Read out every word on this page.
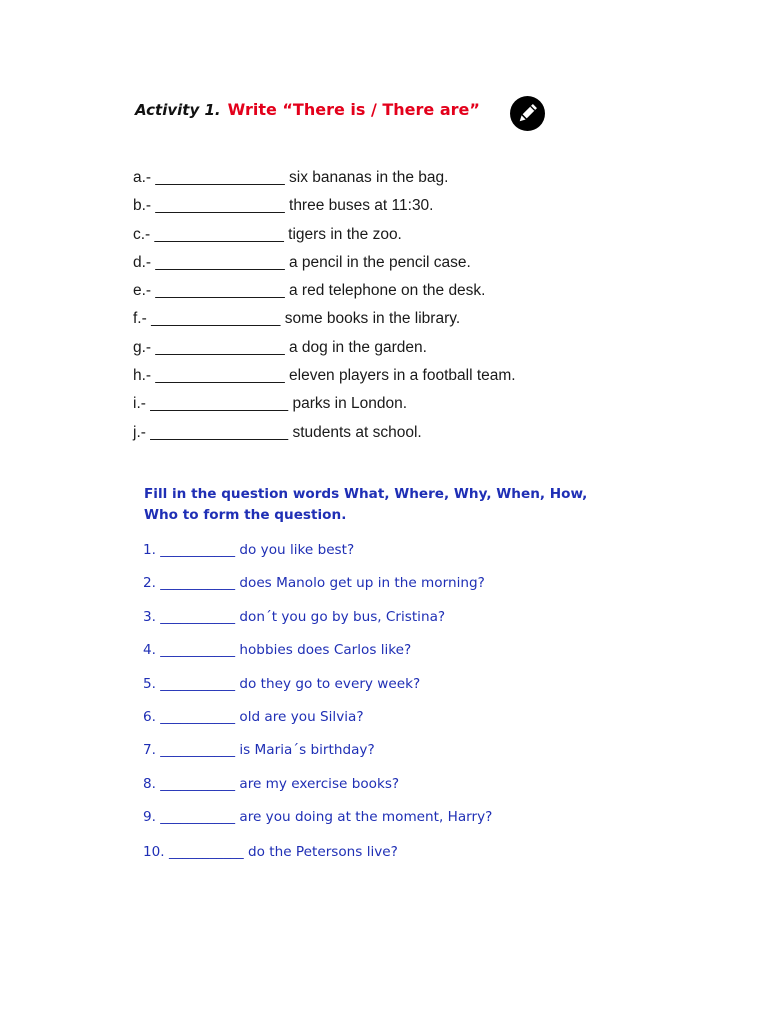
Activity 1. Write “There is / There are”
a.- _______________ six bananas in the bag.
b.- _______________ three buses at 11:30.
c.- _______________ tigers in the zoo.
d.- _______________ a pencil in the pencil case.
e.- _______________ a red telephone on the desk.
f.- _______________ some books in the library.
g.- _______________ a dog in the garden.
h.- _______________ eleven players in a football team.
i.- ________________ parks in London.
j.- ________________ students at school.

Fill in the question words What, Where, Why, When, How, Who to form the question.

1. ___________ do you like best?
2. ___________ does Manolo get up in the morning?
3. ___________ don´t you go by bus, Cristina?
4. ___________ hobbies does Carlos like?
5. ___________ do they go to every week?
6. ___________ old are you Silvia?
7. ___________ is Maria´s birthday?
8. ___________ are my exercise books?
9. ___________ are you doing at the moment, Harry?
10. ___________ do the Petersons live?
